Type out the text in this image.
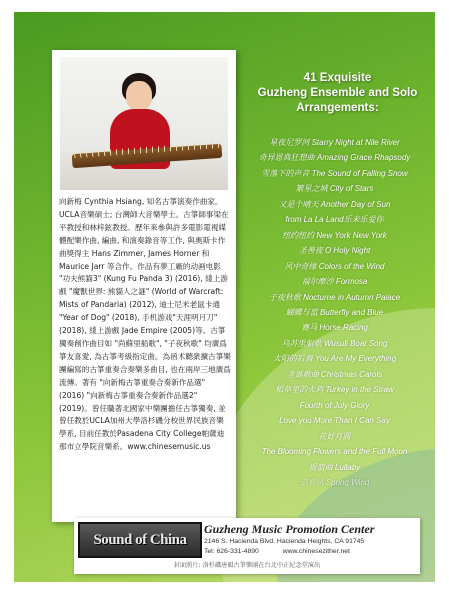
向新梅 Cynthia Hsiang, 知名古箏演奏作曲家。UCLA音樂碩士; 台灣師大音樂學士。古箏師事梁在平教授和林梓鉉教授。歷年來參與許多電影電視媒體配樂作曲, 編曲, 和演奏錄音等工作, 與奧斯卡作曲獎得主 Hans Zimmer, James Horner 和 Maurice Jarr 等合作。作品有夢工廠的动画电影 "功夫熊貓3" (Kung Fu Panda 3) (2016), 綫上游戲 "魔獸世界: 熊貓人之謎" (World of Warcraft: Mists of Pandaria) (2012), 迪士尼米老鼠卡通 "Year of Dog" (2018), 手机游戏"天涯明月刀" (2018), 綫上游戲 Jade Empire (2005)等。古箏獨奏創作曲目如 "尚蘇里船歌", "子夜秋歌" 均廣爲箏友喜愛, 為古箏考級指定曲。為函术聽衆擴古箏樂團編寫的古箏重奏合奏樂多曲目, 也在兩岸三地廣爲流傳。著有 "向新梅古箏重奏合奏新作品選" (2016) "向新梅古箏重奏合奏新作品選2" (2019)。曾任職著北國家中樂團擔任古箏獨奏, 並曾任教於UCLA加州大學洛杉磯分校世界民族音樂學系, 目前任教於Pasadena City College帕薩迪那市立學院音樂系。www.chinesemusic.us
41 Exquisite
Guzheng Ensemble and Solo
Arrangements:
星夜尼罗河 Starry Night at Nile River
奇异恩典狂想曲 Amazing Grace Rhapsody
雪落下的声音 The Sound of Falling Snow
繁星之城 City of Stars
又是个晴天 Another Day of Sun
from La La Land乐来乐爱你
纽约纽约 New York New York
圣善夜 O Holy Night
风中奇缘 Colors of the Wind
福尔摩沙 Formosa
子夜秋歌 Nocturne in Autumn Palace
蝴蝶与蓝 Butterfly and Blue
赛马 Horse Racing
乌苏里船歌 Wusuli Boat Song
太阳的后裔 You Are My Everything
圣诞歌曲 Christmas Carols
稻草里的火鸡 Turkey in the Straw
Fourth of July Glory
Love you More Than I Can Say
花好月圆
The Blooming Flowers and the Full Moon
摇篮曲 Lullaby
望春风 Spring Wind
Sound of China
Guzheng Music Promotion Center
2146 S. Hacienda Blvd. Hacienda Heights, CA 91745
Tel: 626-331-4890	www.chinesezither.net
封面照片: 洛杉磯唐韻古箏樂團在台北中正紀念堂演出
